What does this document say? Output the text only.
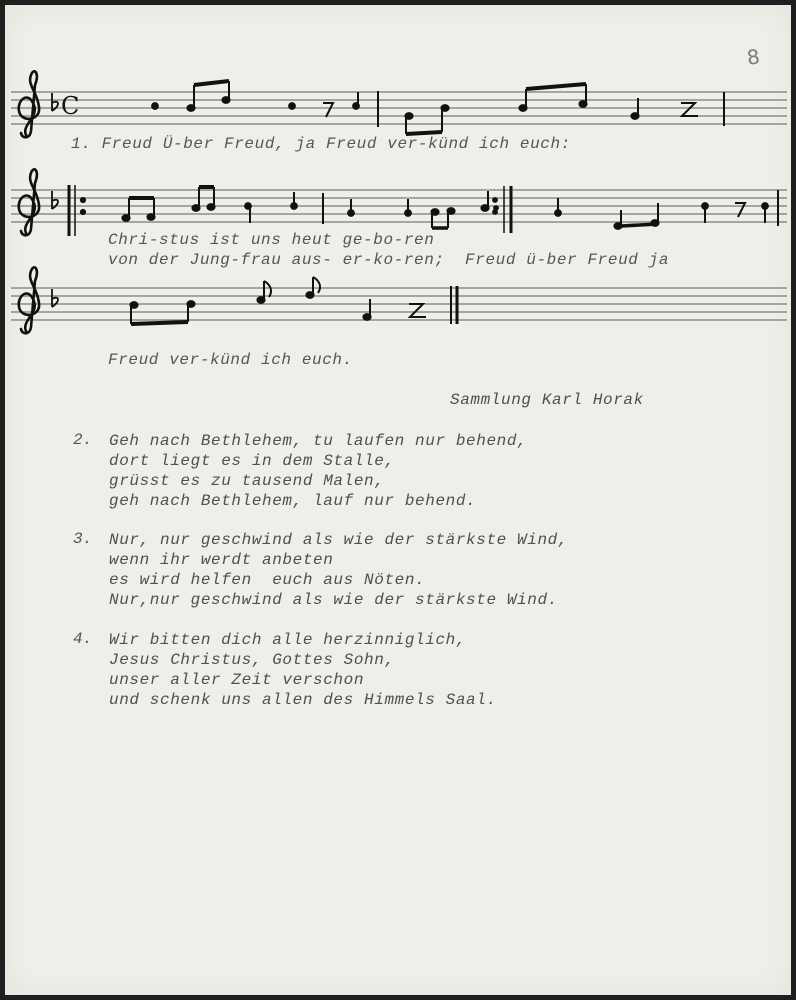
8
C
1. Freud Ü-ber Freud, ja Freud ver-künd ich euch:
Chri-stus ist uns heut ge-bo-ren
von der Jung-frau aus- er-ko-ren;  Freud ü-ber Freud ja
Freud ver-künd ich euch.
Sammlung Karl Horak
2. Geh nach Bethlehem, tu laufen nur behend,
dort liegt es in dem Stalle,
grüsst es zu tausend Malen,
geh nach Bethlehem, lauf nur behend.
3. Nur, nur geschwind als wie der stärkste Wind,
wenn ihr werdt anbeten
es wird helfen  euch aus Nöten.
Nur,nur geschwind als wie der stärkste Wind.
4. Wir bitten dich alle herzinniglich,
Jesus Christus, Gottes Sohn,
unser aller Zeit verschon
und schenk uns allen des Himmels Saal.
